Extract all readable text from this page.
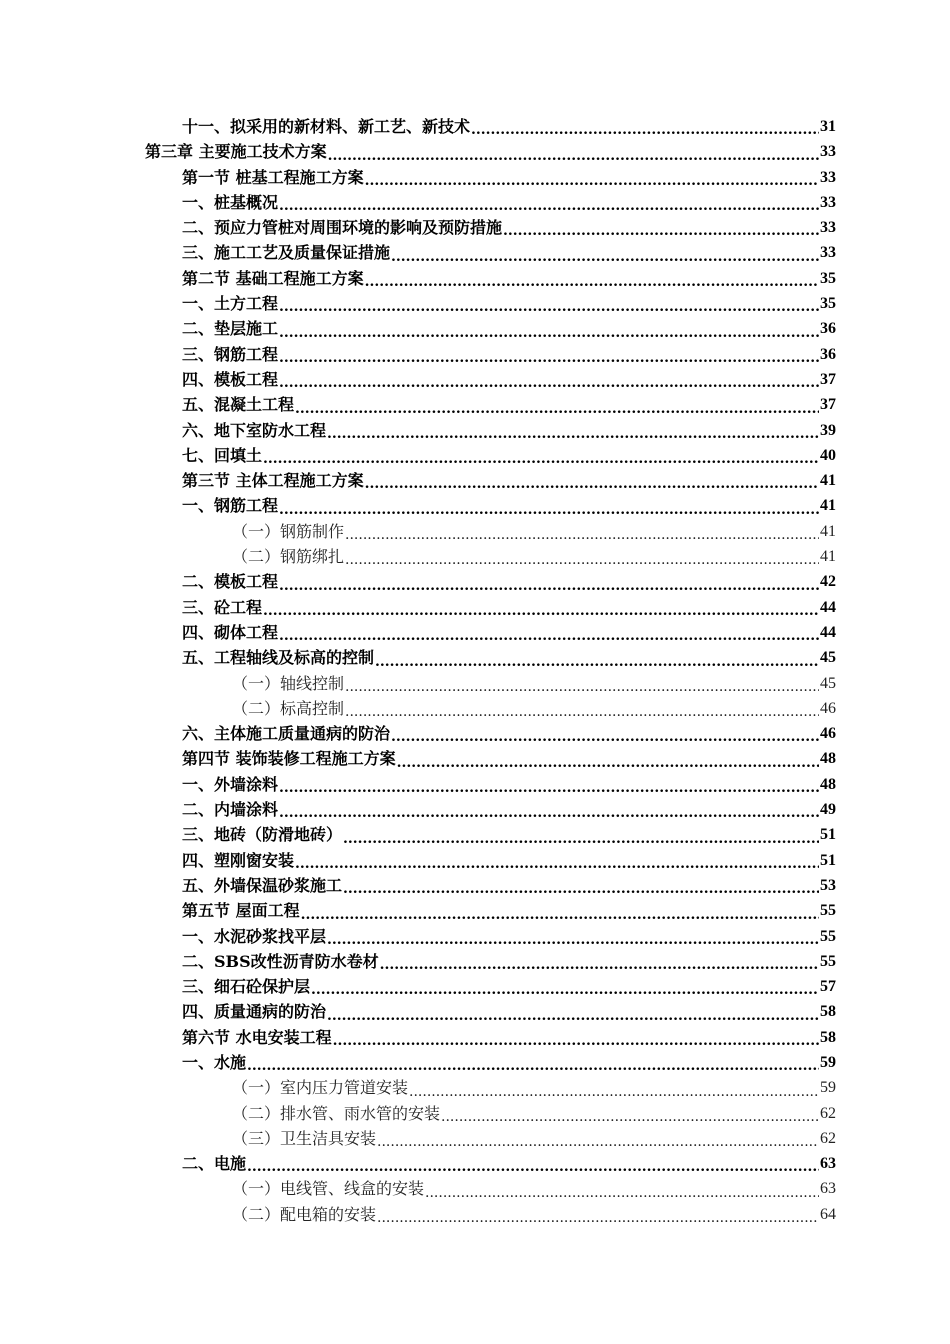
十一、拟采用的新材料、新工艺、新技术 .....	31
第三章 主要施工技术方案 .....	33
第一节 桩基工程施工方案 .....	33
一、桩基概况 .....	33
二、预应力管桩对周围环境的影响及预防措施 .....	33
三、施工工艺及质量保证措施 .....	33
第二节 基础工程施工方案 .....	35
一、土方工程 .....	35
二、垫层施工 .....	36
三、钢筋工程 .....	36
四、模板工程 .....	37
五、混凝土工程 .....	37
六、地下室防水工程 .....	39
七、回填土 .....	40
第三节 主体工程施工方案 .....	41
一、钢筋工程 .....	41
（一）钢筋制作 .....	41
（二）钢筋绑扎 .....	41
二、模板工程 .....	42
三、砼工程 .....	44
四、砌体工程 .....	44
五、工程轴线及标高的控制 .....	45
（一）轴线控制 .....	45
（二）标高控制 .....	46
六、主体施工质量通病的防治 .....	46
第四节 装饰装修工程施工方案 .....	48
一、外墙涂料 .....	48
二、内墙涂料 .....	49
三、地砖（防滑地砖） .....	51
四、塑刚窗安装 .....	51
五、外墙保温砂浆施工 .....	53
第五节 屋面工程 .....	55
一、水泥砂浆找平层 .....	55
二、SBS改性沥青防水卷材 .....	55
三、细石砼保护层 .....	57
四、质量通病的防治 .....	58
第六节 水电安装工程 .....	58
一、水施 .....	59
（一）室内压力管道安装 .....	59
（二）排水管、雨水管的安装 .....	62
（三）卫生洁具安装 .....	62
二、电施 .....	63
（一）电线管、线盒的安装 .....	63
（二）配电箱的安装 .....	64
